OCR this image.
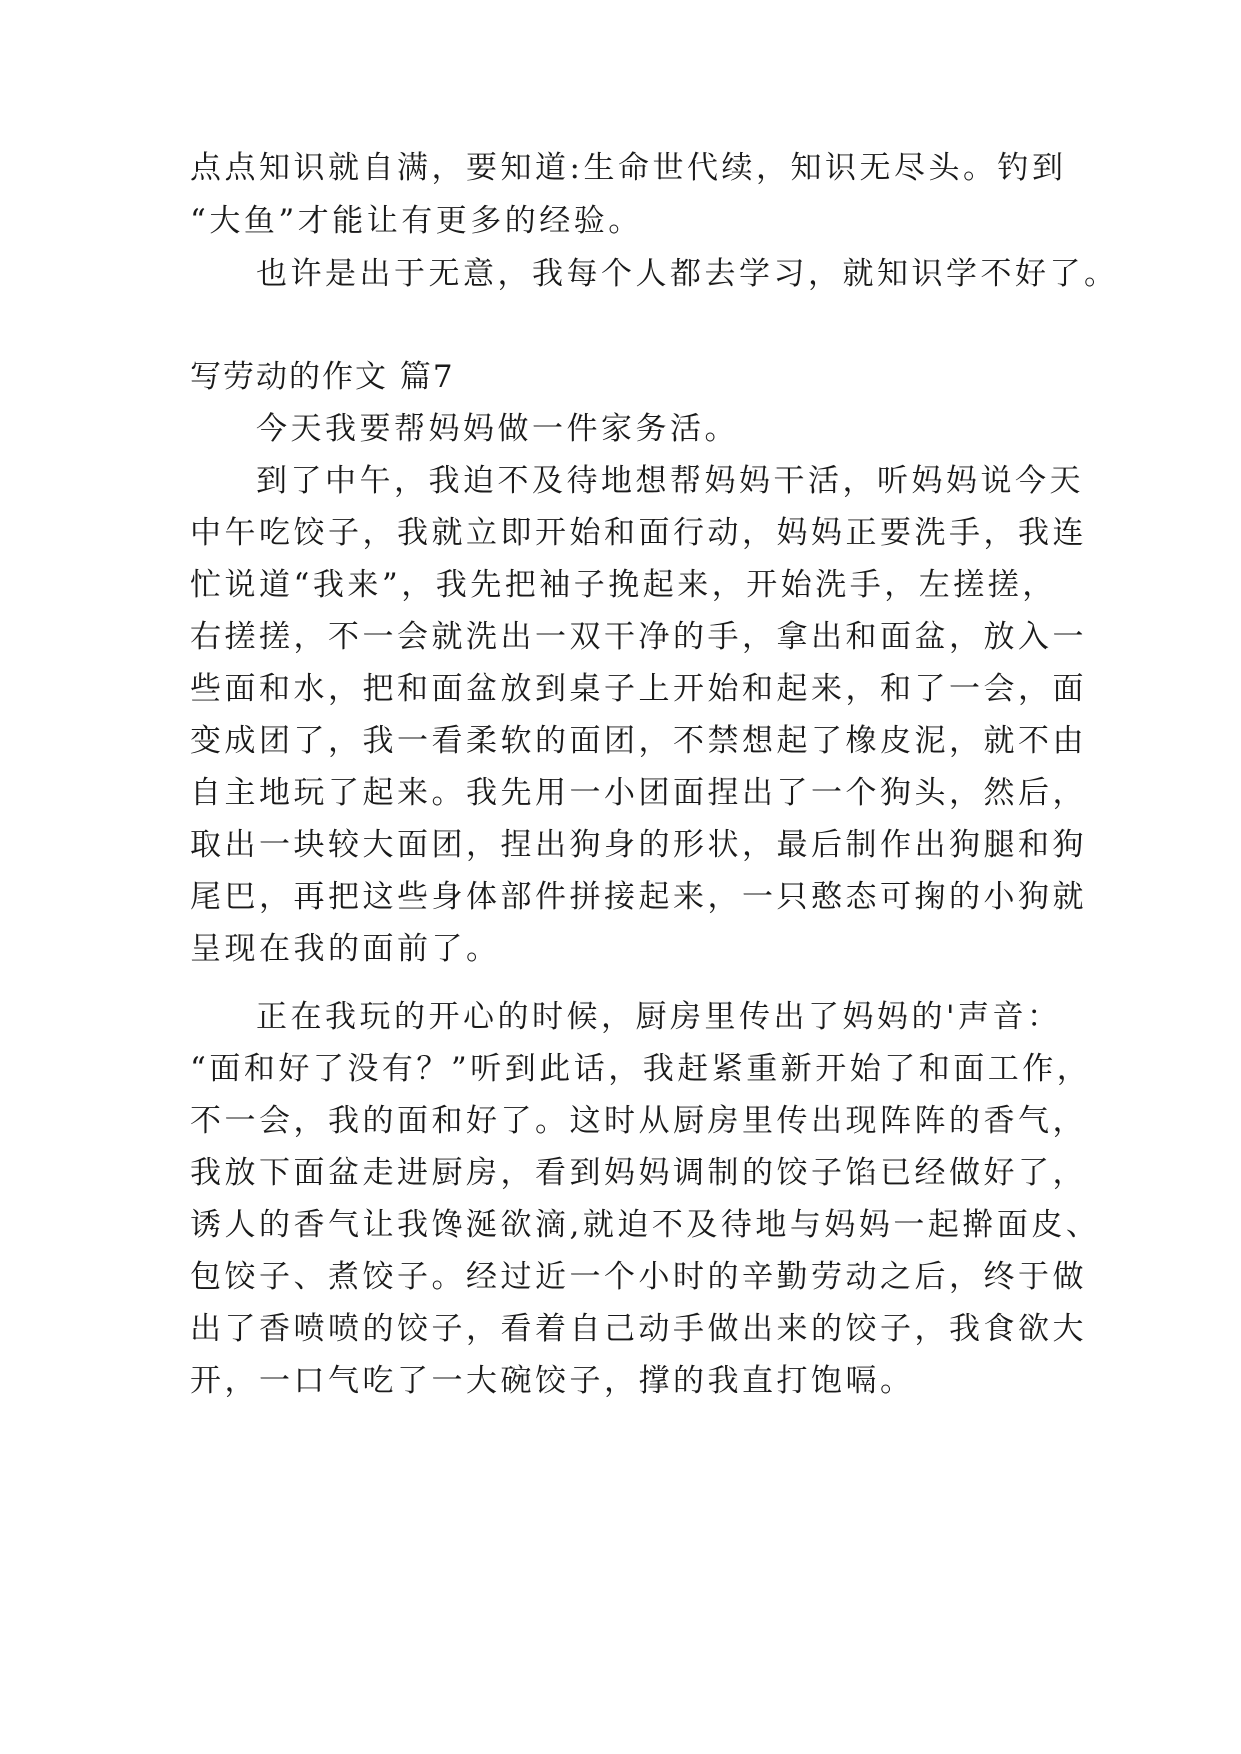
点点知识就自满，要知道:生命世代续，知识无尽头。钓到
“大鱼”才能让有更多的经验。
也许是出于无意，我每个人都去学习，就知识学不好了。
写劳动的作文 篇7
今天我要帮妈妈做一件家务活。
到了中午，我迫不及待地想帮妈妈干活，听妈妈说今天
中午吃饺子，我就立即开始和面行动，妈妈正要洗手，我连
忙说道“我来”，我先把袖子挽起来，开始洗手，左搓搓，
右搓搓，不一会就洗出一双干净的手，拿出和面盆，放入一
些面和水，把和面盆放到桌子上开始和起来，和了一会，面
变成团了，我一看柔软的面团，不禁想起了橡皮泥，就不由
自主地玩了起来。我先用一小团面捏出了一个狗头，然后，
取出一块较大面团，捏出狗身的形状，最后制作出狗腿和狗
尾巴，再把这些身体部件拼接起来，一只憨态可掬的小狗就
呈现在我的面前了。
正在我玩的开心的时候，厨房里传出了妈妈的'声音：
“面和好了没有？”听到此话，我赶紧重新开始了和面工作，
不一会，我的面和好了。这时从厨房里传出现阵阵的香气，
我放下面盆走进厨房，看到妈妈调制的饺子馅已经做好了，
诱人的香气让我馋涎欲滴,就迫不及待地与妈妈一起擀面皮、
包饺子、煮饺子。经过近一个小时的辛勤劳动之后，终于做
出了香喷喷的饺子，看着自己动手做出来的饺子，我食欲大
开，一口气吃了一大碗饺子，撑的我直打饱嗝。
